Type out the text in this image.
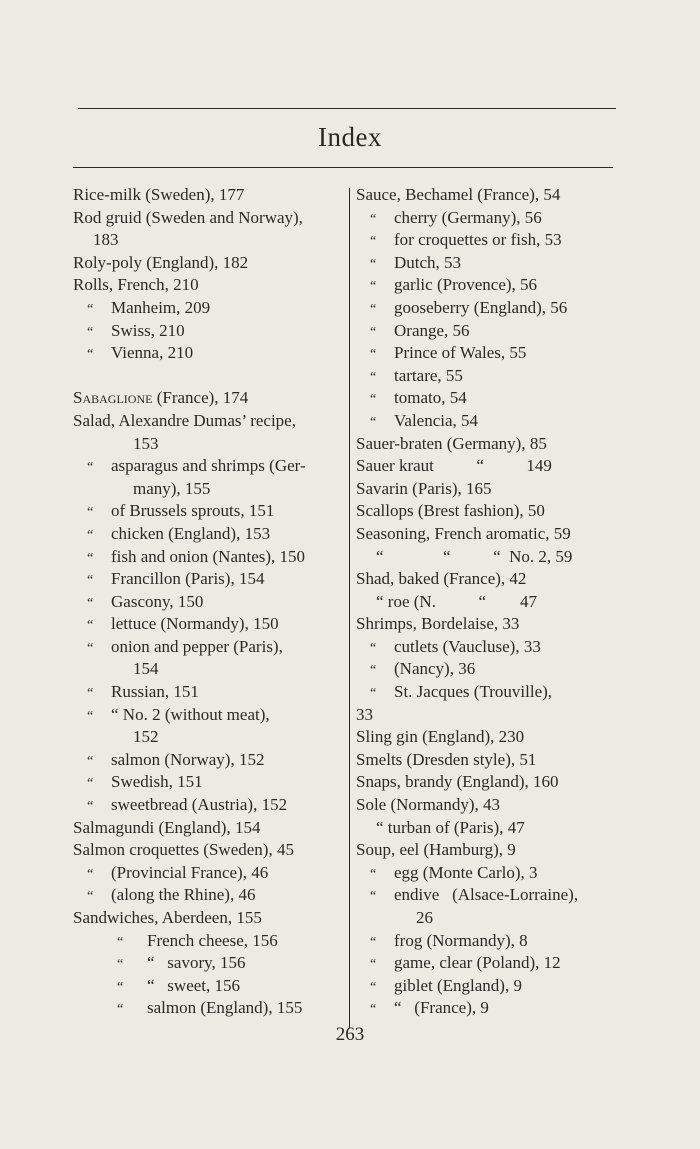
Index
Rice-milk (Sweden), 177
Rod gruid (Sweden and Norway),
183
Roly-poly (England), 182
Rolls, French, 210
“ Manheim, 209
“ Swiss, 210
“ Vienna, 210
Sabaglione (France), 174
Salad, Alexandre Dumas’ recipe,
153
“ asparagus and shrimps (Ger-
many), 155
“ of Brussels sprouts, 151
“ chicken (England), 153
“ fish and onion (Nantes), 150
“ Francillon (Paris), 154
“ Gascony, 150
“ lettuce (Normandy), 150
“ onion and pepper (Paris),
154
“ Russian, 151
“ “ No. 2 (without meat),
152
“ salmon (Norway), 152
“ Swedish, 151
“ sweetbread (Austria), 152
Salmagundi (England), 154
Salmon croquettes (Sweden), 45
“ (Provincial France), 46
“ (along the Rhine), 46
Sandwiches, Aberdeen, 155
“ French cheese, 156
“ “   savory, 156
“ “   sweet, 156
“ salmon (England), 155
Sauce, Bechamel (France), 54
“ cherry (Germany), 56
“ for croquettes or fish, 53
“ Dutch, 53
“ garlic (Provence), 56
“ gooseberry (England), 56
“ Orange, 56
“ Prince of Wales, 55
“ tartare, 55
“ tomato, 54
“ Valencia, 54
Sauer-braten (Germany), 85
Sauer kraut          “          149
Savarin (Paris), 165
Scallops (Brest fashion), 50
Seasoning, French aromatic, 59
“              “          “  No. 2, 59
Shad, baked (France), 42
“ roe (N.          “        47
Shrimps, Bordelaise, 33
“ cutlets (Vaucluse), 33
“ (Nancy), 36
“ St. Jacques (Trouville),
33
Sling gin (England), 230
Smelts (Dresden style), 51
Snaps, brandy (England), 160
Sole (Normandy), 43
“ turban of (Paris), 47
Soup, eel (Hamburg), 9
“ egg (Monte Carlo), 3
“ endive   (Alsace-Lorraine),
26
“ frog (Normandy), 8
“ game, clear (Poland), 12
“ giblet (England), 9
“ “   (France), 9
263
